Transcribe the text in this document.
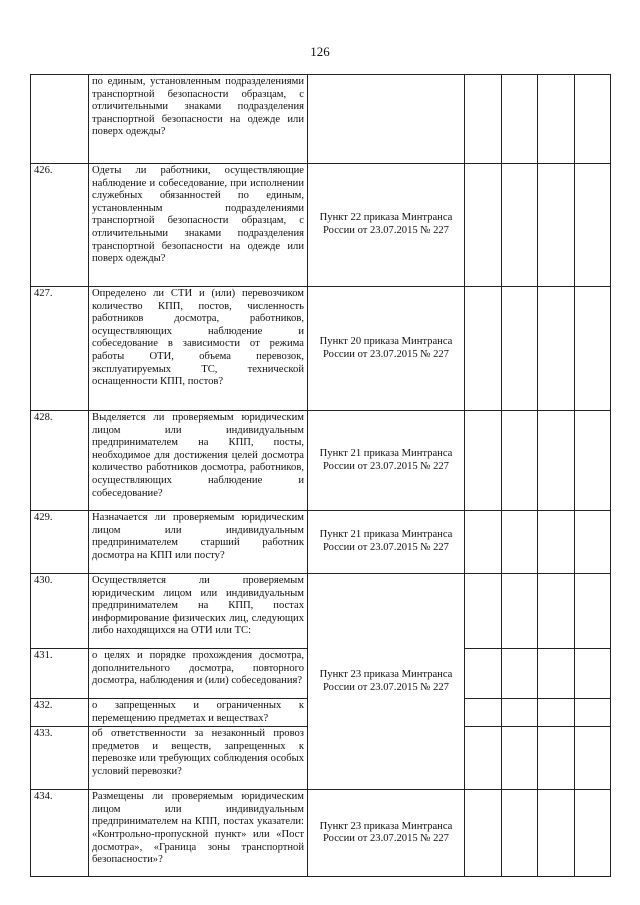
126
	по единым, установленным подразделениями транспортной безопасности образцам, с отличительными знаками подразделения транспортной безопасности на одежде или поверх одежды?					
426.	Одеты ли работники, осуществляющие наблюдение и собеседование, при исполнении служебных обязанностей по единым, установленным подразделениями транспортной безопасности образцам, с отличительными знаками подразделения транспортной безопасности на одежде или поверх одежды?	Пункт 22 приказа Минтранса России от 23.07.2015 № 227				
427.	Определено ли СТИ и (или) перевозчиком количество КПП, постов, численность работников досмотра, работников, осуществляющих наблюдение и собеседование в зависимости от режима работы ОТИ, объема перевозок, эксплуатируемых ТС, технической оснащенности КПП, постов?	Пункт 20 приказа Минтранса России от 23.07.2015 № 227				
428.	Выделяется ли проверяемым юридическим лицом или индивидуальным предпринимателем на КПП, посты, необходимое для достижения целей досмотра количество работников досмотра, работников, осуществляющих наблюдение и собеседование?	Пункт 21 приказа Минтранса России от 23.07.2015 № 227				
429.	Назначается ли проверяемым юридическим лицом или индивидуальным предпринимателем старший работник досмотра на КПП или посту?	Пункт 21 приказа Минтранса России от 23.07.2015 № 227				
430.	Осуществляется ли проверяемым юридическим лицом или индивидуальным предпринимателем на КПП, постах информирование физических лиц, следующих либо находящихся на ОТИ или ТС:	Пункт 23 приказа Минтранса России от 23.07.2015 № 227				
431.	о целях и порядке прохождения досмотра, дополнительного досмотра, повторного досмотра, наблюдения и (или) собеседования?					
432.	о запрещенных и ограниченных к перемещению предметах и веществах?					
433.	об ответственности за незаконный провоз предметов и веществ, запрещенных к перевозке или требующих соблюдения особых условий перевозки?					
434.	Размещены ли проверяемым юридическим лицом или индивидуальным предпринимателем на КПП, постах указатели: «Контрольно-пропускной пункт» или «Пост досмотра», «Граница зоны транспортной безопасности»?	Пункт 23 приказа Минтранса России от 23.07.2015 № 227				
